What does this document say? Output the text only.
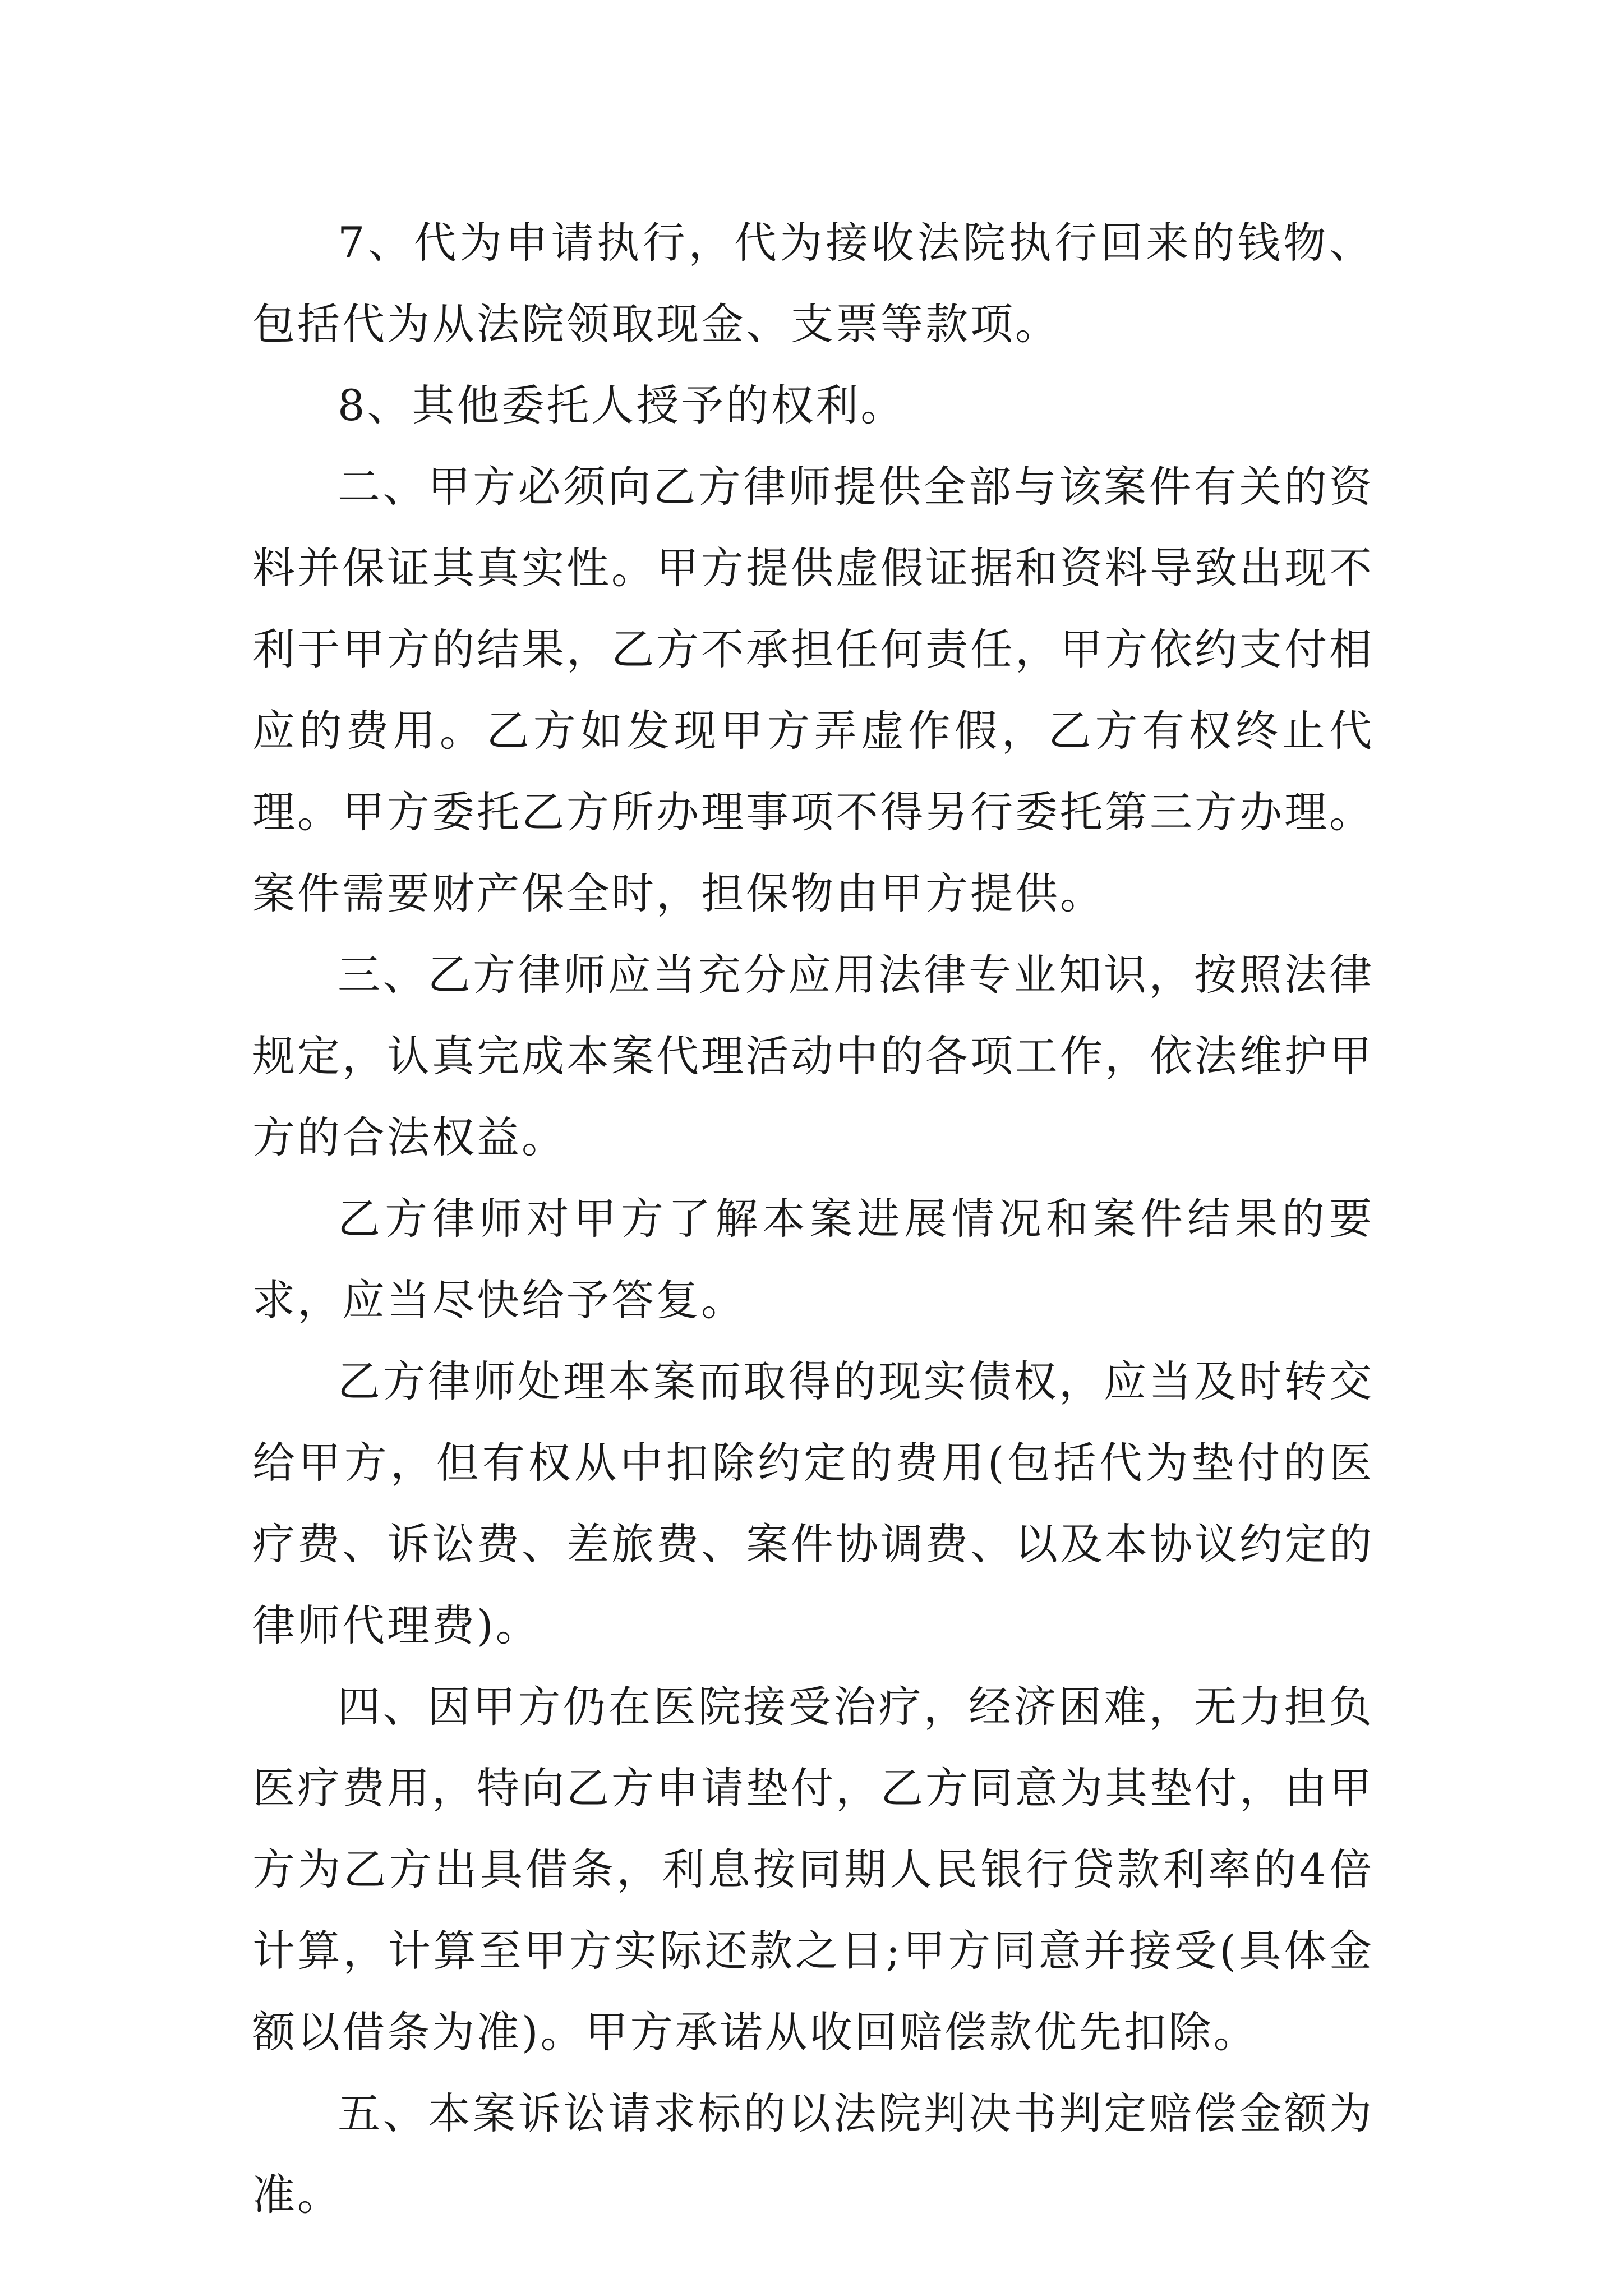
7、代为申请执行，代为接收法院执行回来的钱物、包括代为从法院领取现金、支票等款项。

8、其他委托人授予的权利。

二、甲方必须向乙方律师提供全部与该案件有关的资料并保证其真实性。甲方提供虚假证据和资料导致出现不利于甲方的结果，乙方不承担任何责任，甲方依约支付相应的费用。乙方如发现甲方弄虚作假，乙方有权终止代理。甲方委托乙方所办理事项不得另行委托第三方办理。案件需要财产保全时，担保物由甲方提供。

三、乙方律师应当充分应用法律专业知识，按照法律规定，认真完成本案代理活动中的各项工作，依法维护甲方的合法权益。

乙方律师对甲方了解本案进展情况和案件结果的要求，应当尽快给予答复。

乙方律师处理本案而取得的现实债权，应当及时转交给甲方，但有权从中扣除约定的费用(包括代为垫付的医疗费、诉讼费、差旅费、案件协调费、以及本协议约定的律师代理费)。

四、因甲方仍在医院接受治疗，经济困难，无力担负医疗费用，特向乙方申请垫付，乙方同意为其垫付，由甲方为乙方出具借条，利息按同期人民银行贷款利率的4倍计算，计算至甲方实际还款之日;甲方同意并接受(具体金额以借条为准)。甲方承诺从收回赔偿款优先扣除。

五、本案诉讼请求标的以法院判决书判定赔偿金额为准。
